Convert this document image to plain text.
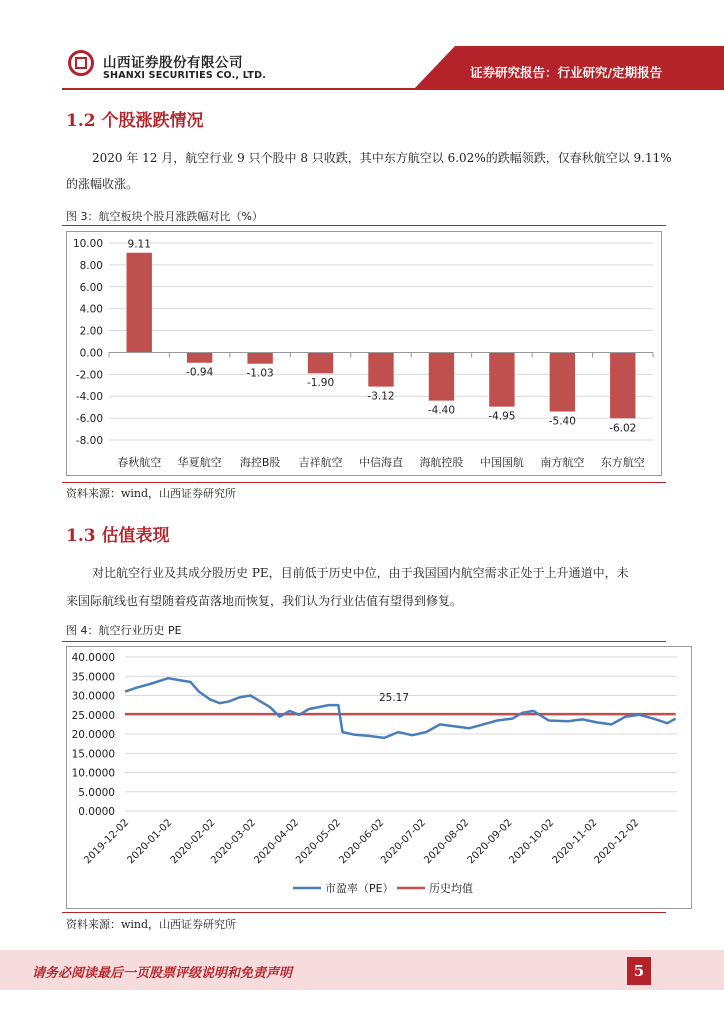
山西证券股份有限公司
SHANXI SECURITIES CO., LTD.	证券研究报告：行业研究/定期报告
1.2 个股涨跌情况
2020 年 12 月，航空行业 9 只个股中 8 只收跌，其中东方航空以 6.02%的跌幅领跌，仅春秋航空以 9.11%
的涨幅收涨。
图 3：航空板块个股月涨跌幅对比（%）
10.00
8.00
6.00
4.00
2.00
0.00
-2.00
-4.00
-6.00
-8.00
9.11
春秋航空
-0.94
华夏航空
-1.03
海控B股
-1.90
吉祥航空
-3.12
中信海直
-4.40
海航控股
-4.95
中国国航
-5.40
南方航空
-6.02
东方航空
资料来源：wind，山西证券研究所
1.3 估值表现
对比航空行业及其成分股历史 PE，目前低于历史中位，由于我国国内航空需求正处于上升通道中，未
来国际航线也有望随着疫苗落地而恢复，我们认为行业估值有望得到修复。
图 4：航空行业历史 PE
40.0000
35.0000
30.0000
25.0000
20.0000
15.0000
10.0000
5.0000
0.0000
2019-12-02
2020-01-02
2020-02-02
2020-03-02
2020-04-02
2020-05-02
2020-06-02
2020-07-02
2020-08-02
2020-09-02
2020-10-02
2020-11-02
2020-12-02
25.17
市盈率（PE）	历史均值
资料来源：wind，山西证券研究所
请务必阅读最后一页股票评级说明和免责声明	5
